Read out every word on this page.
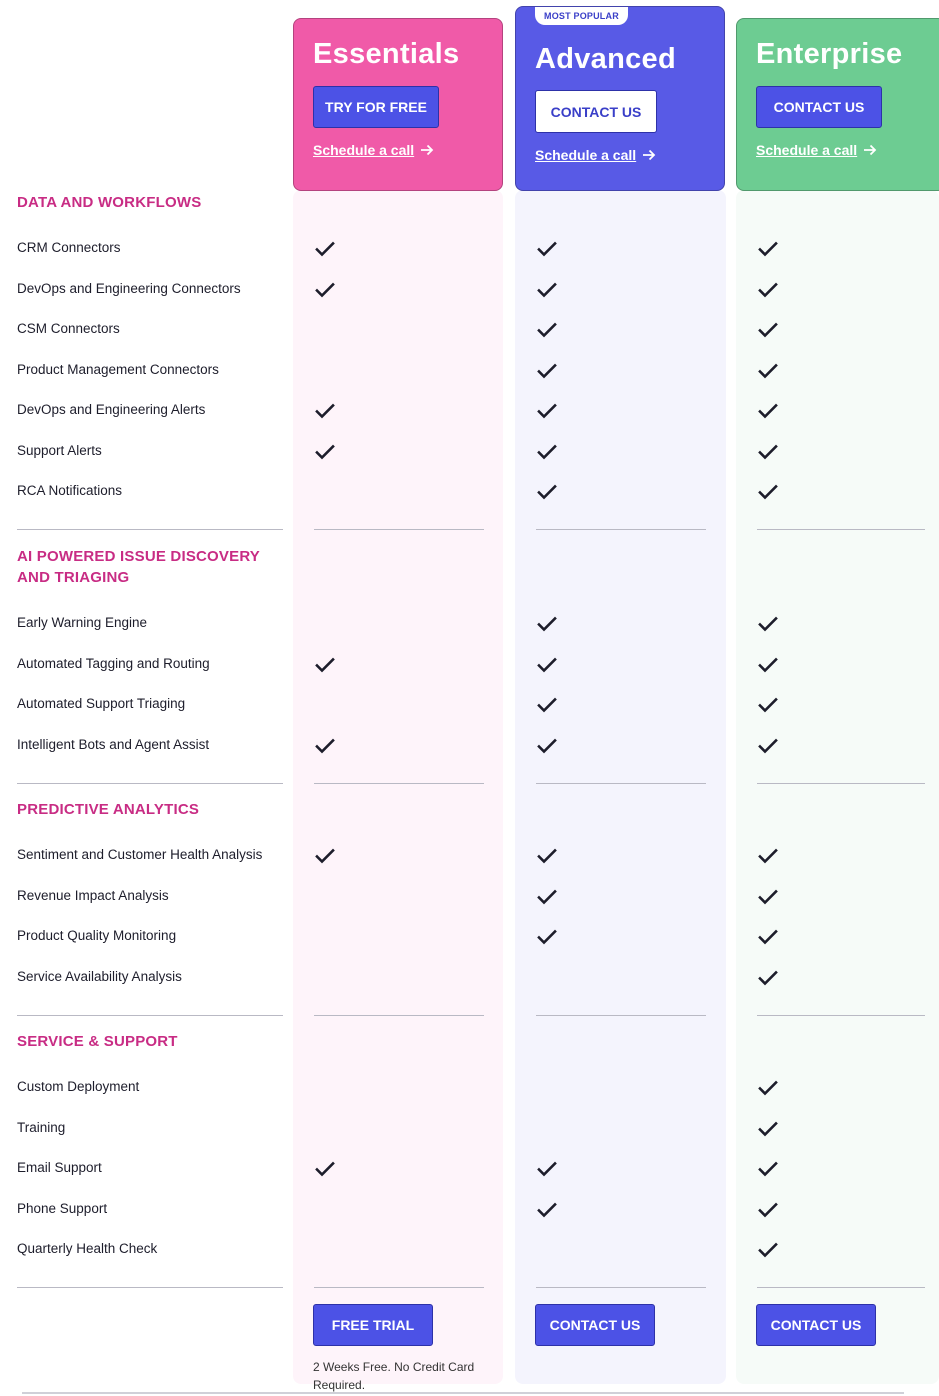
Essentials
TRY FOR FREE
Schedule a call
MOST POPULAR
Advanced
CONTACT US
Schedule a call
Enterprise
CONTACT US
Schedule a call
DATA AND WORKFLOWS
CRM Connectors
DevOps and Engineering Connectors
CSM Connectors
Product Management Connectors
DevOps and Engineering Alerts
Support Alerts
RCA Notifications
AI POWERED ISSUE DISCOVERY AND TRIAGING
Early Warning Engine
Automated Tagging and Routing
Automated Support Triaging
Intelligent Bots and Agent Assist
PREDICTIVE ANALYTICS
Sentiment and Customer Health Analysis
Revenue Impact Analysis
Product Quality Monitoring
Service Availability Analysis
SERVICE & SUPPORT
Custom Deployment
Training
Email Support
Phone Support
Quarterly Health Check
FREE TRIAL	CONTACT US	CONTACT US
2 Weeks Free. No Credit Card Required.
